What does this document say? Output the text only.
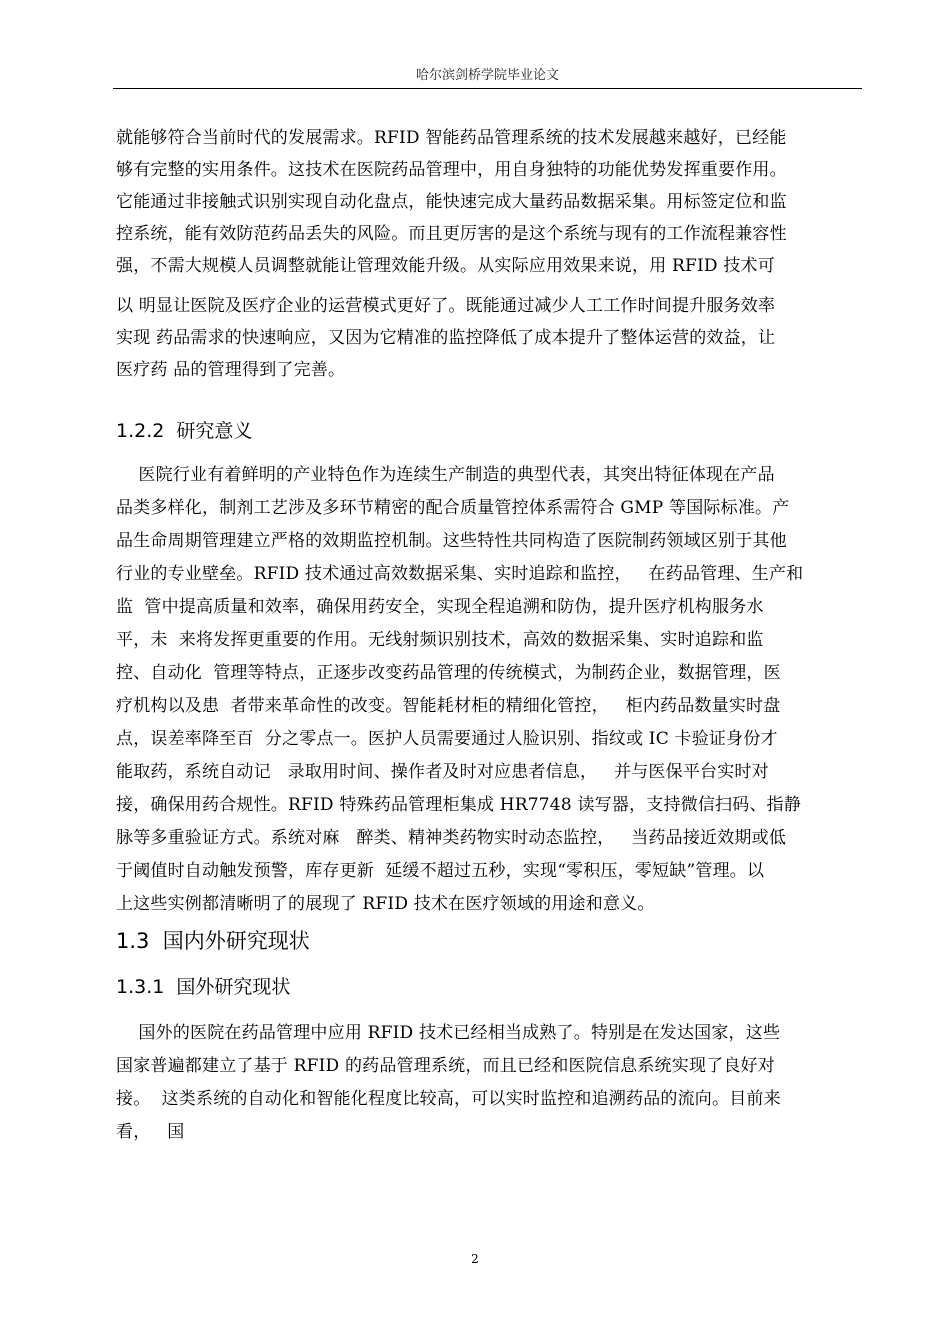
哈尔滨剑桥学院毕业论文
就能够符合当前时代的发展需求。RFID 智能药品管理系统的技术发展越来越好，已经能
够有完整的实用条件。这技术在医院药品管理中，用自身独特的功能优势发挥重要作用。
它能通过非接触式识别实现自动化盘点，能快速完成大量药品数据采集。用标签定位和监
控系统，能有效防范药品丢失的风险。而且更厉害的是这个系统与现有的工作流程兼容性
强，不需大规模人员调整就能让管理效能升级。从实际应用效果来说，用 RFID 技术可
以 明显让医院及医疗企业的运营模式更好了。既能通过减少人工工作时间提升服务效率
实现 药品需求的快速响应，又因为它精准的监控降低了成本提升了整体运营的效益，让
医疗药 品的管理得到了完善。
1.2.2  研究意义
医院行业有着鲜明的产业特色作为连续生产制造的典型代表，其突出特征体现在产品
品类多样化，制剂工艺涉及多环节精密的配合质量管控体系需符合 GMP 等国际标准。产
品生命周期管理建立严格的效期监控机制。这些特性共同构造了医院制药领域区别于其他
行业的专业壁垒。RFID 技术通过高效数据采集、实时追踪和监控，   在药品管理、生产和
监  管中提高质量和效率，确保用药安全，实现全程追溯和防伪，提升医疗机构服务水
平，未  来将发挥更重要的作用。无线射频识别技术，高效的数据采集、实时追踪和监
控、自动化  管理等特点，正逐步改变药品管理的传统模式，为制药企业，数据管理，医
疗机构以及患  者带来革命性的改变。智能耗材柜的精细化管控，   柜内药品数量实时盘
点，误差率降至百  分之零点一。医护人员需要通过人脸识别、指纹或 IC 卡验证身份才
能取药，系统自动记   录取用时间、操作者及时对应患者信息，   并与医保平台实时对
接，确保用药合规性。RFID 特殊药品管理柜集成 HR7748 读写器，支持微信扫码、指静
脉等多重验证方式。系统对麻   醉类、精神类药物实时动态监控，   当药品接近效期或低
于阈值时自动触发预警，库存更新  延缓不超过五秒，实现“零积压，零短缺”管理。以
上这些实例都清晰明了的展现了 RFID 技术在医疗领域的用途和意义。
1.3  国内外研究现状
1.3.1  国外研究现状
国外的医院在药品管理中应用 RFID 技术已经相当成熟了。特别是在发达国家，这些
国家普遍都建立了基于 RFID 的药品管理系统，而且已经和医院信息系统实现了良好对
接。  这类系统的自动化和智能化程度比较高，可以实时监控和追溯药品的流向。目前来
看，   国
2
